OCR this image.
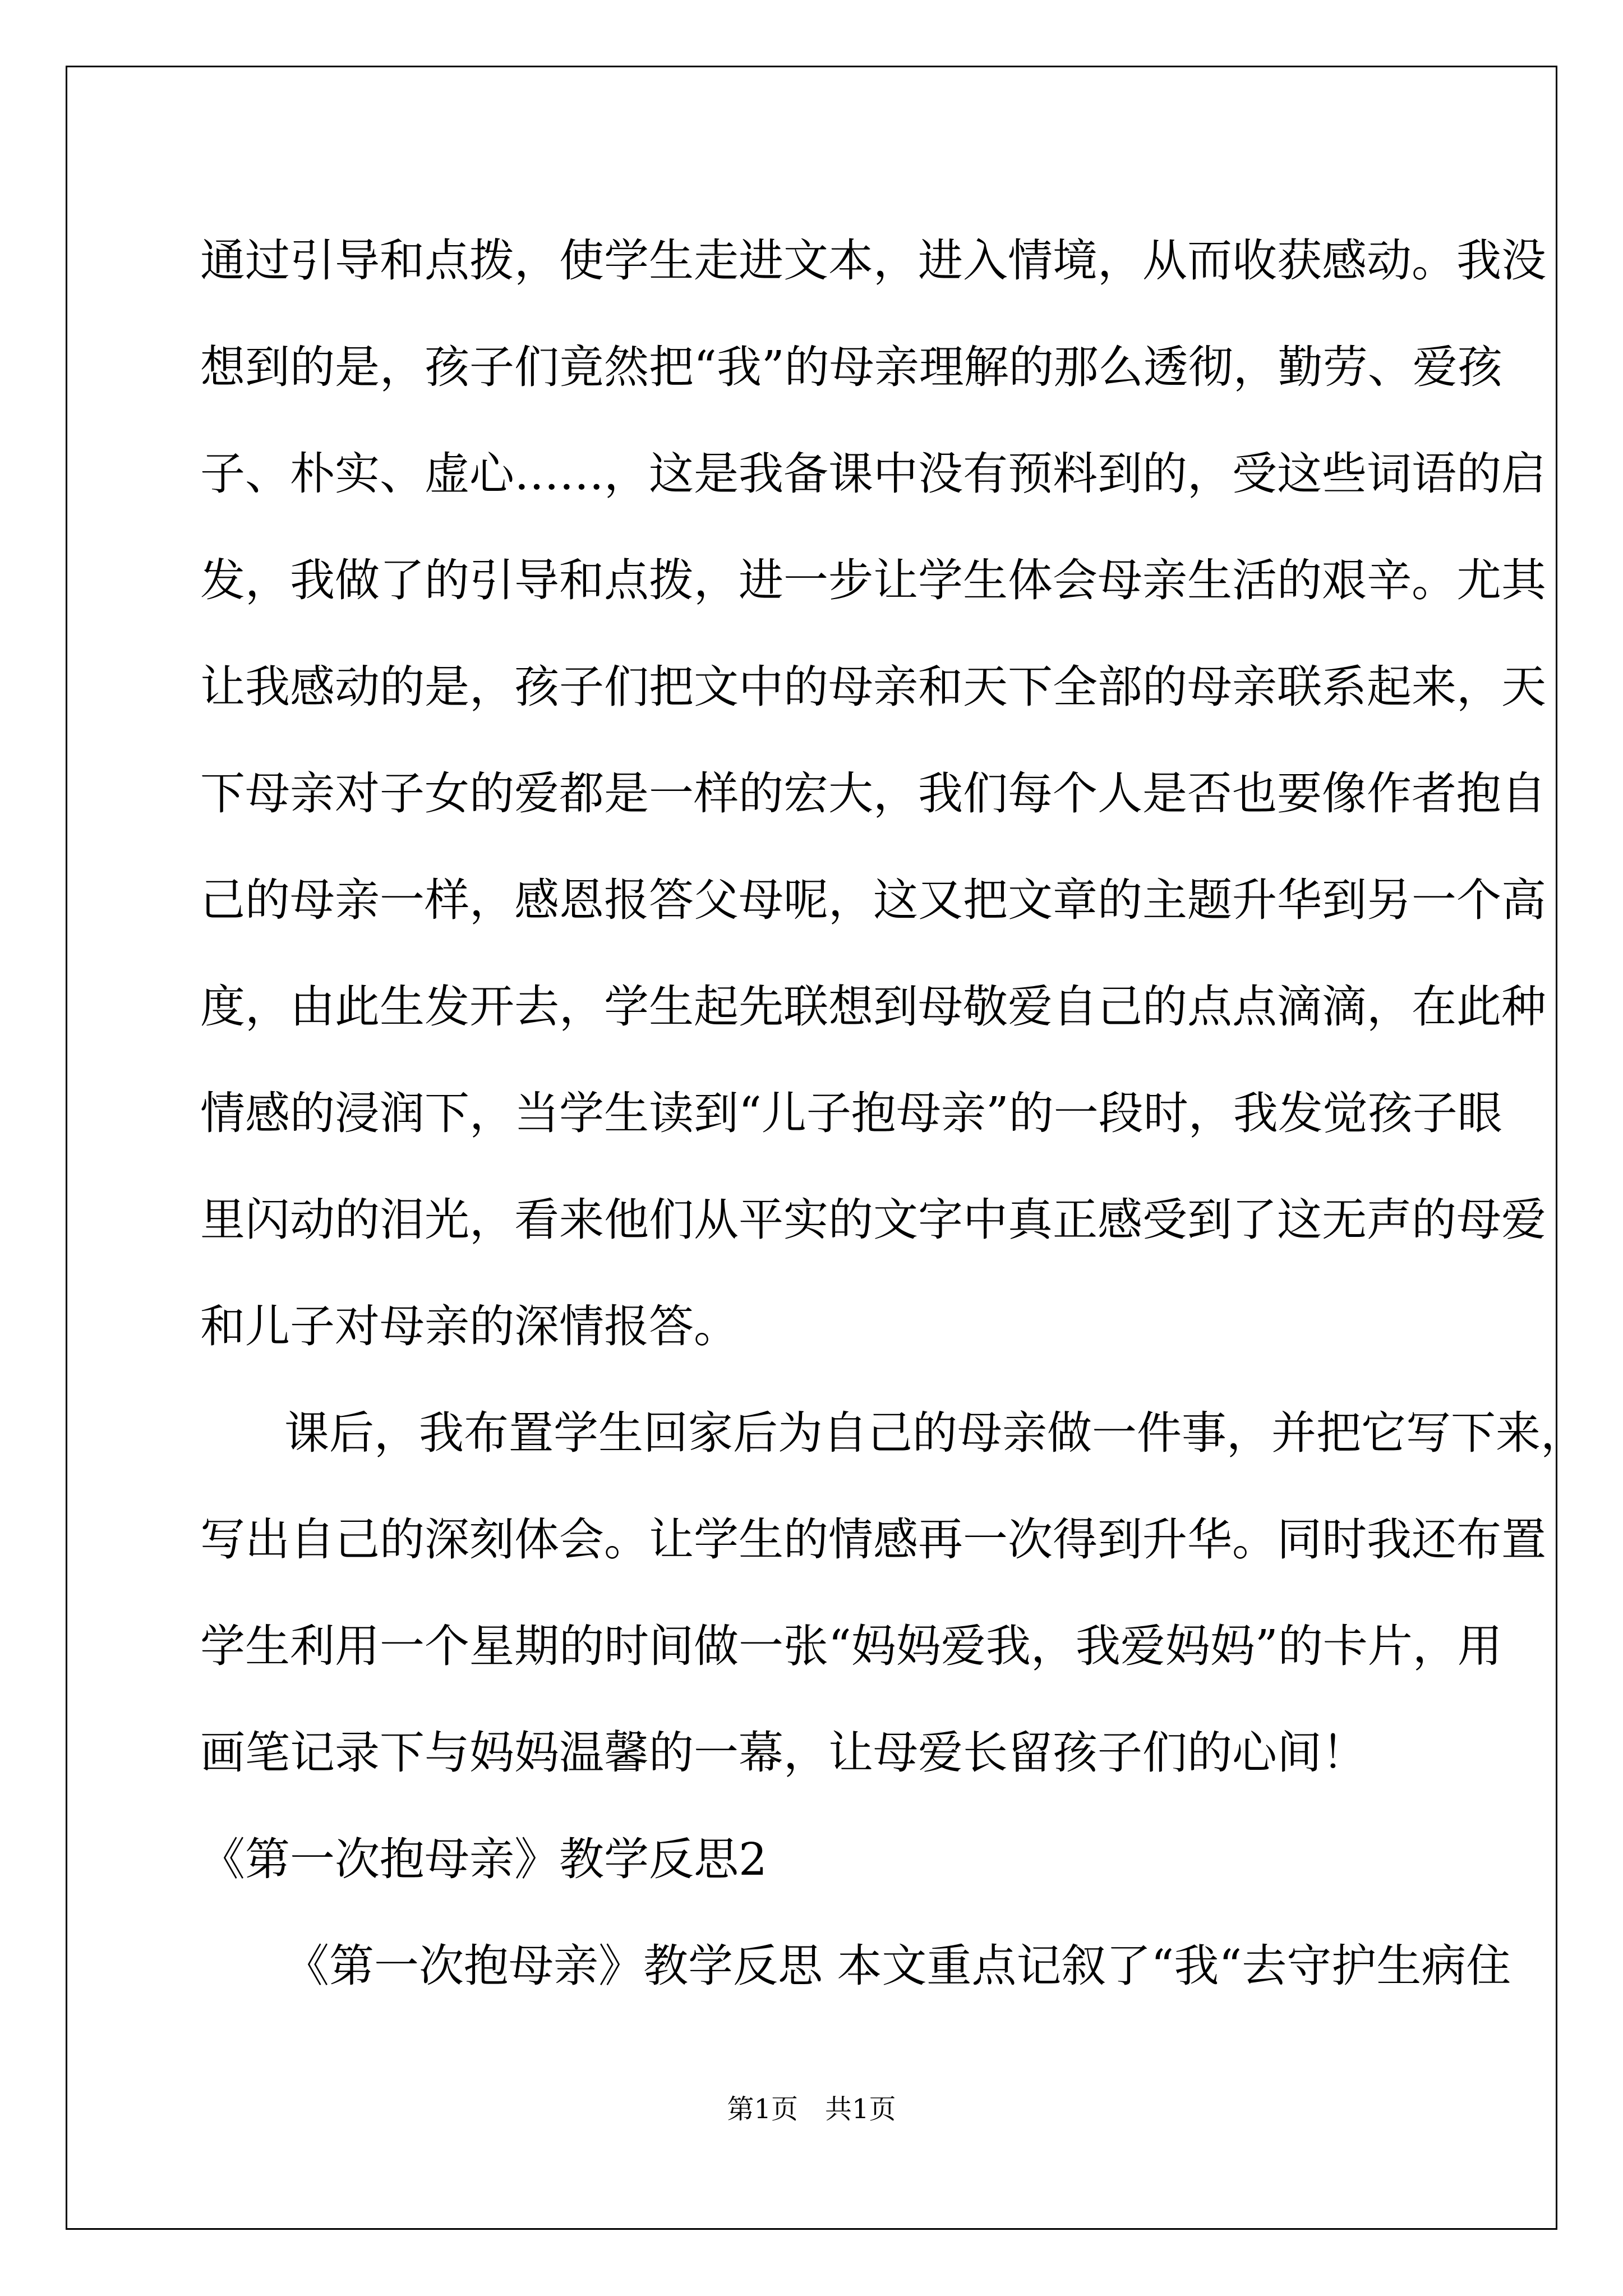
通过引导和点拨，使学生走进文本，进入情境，从而收获感动。我没
想到的是，孩子们竟然把“我”的母亲理解的那么透彻，勤劳、爱孩
子、朴实、虚心……，这是我备课中没有预料到的，受这些词语的启
发，我做了的引导和点拨，进一步让学生体会母亲生活的艰辛。尤其
让我感动的是，孩子们把文中的母亲和天下全部的母亲联系起来，天
下母亲对子女的爱都是一样的宏大，我们每个人是否也要像作者抱自
己的母亲一样，感恩报答父母呢，这又把文章的主题升华到另一个高
度，由此生发开去，学生起先联想到母敬爱自己的点点滴滴，在此种
情感的浸润下，当学生读到“儿子抱母亲”的一段时，我发觉孩子眼
里闪动的泪光，看来他们从平实的文字中真正感受到了这无声的母爱
和儿子对母亲的深情报答。
课后，我布置学生回家后为自己的母亲做一件事，并把它写下来，
写出自己的深刻体会。让学生的情感再一次得到升华。同时我还布置
学生利用一个星期的时间做一张“妈妈爱我，我爱妈妈”的卡片，用
画笔记录下与妈妈温馨的一幕，让母爱长留孩子们的心间！
《第一次抱母亲》教学反思2
《第一次抱母亲》教学反思 本文重点记叙了“我“去守护生病住
第1页　共1页
